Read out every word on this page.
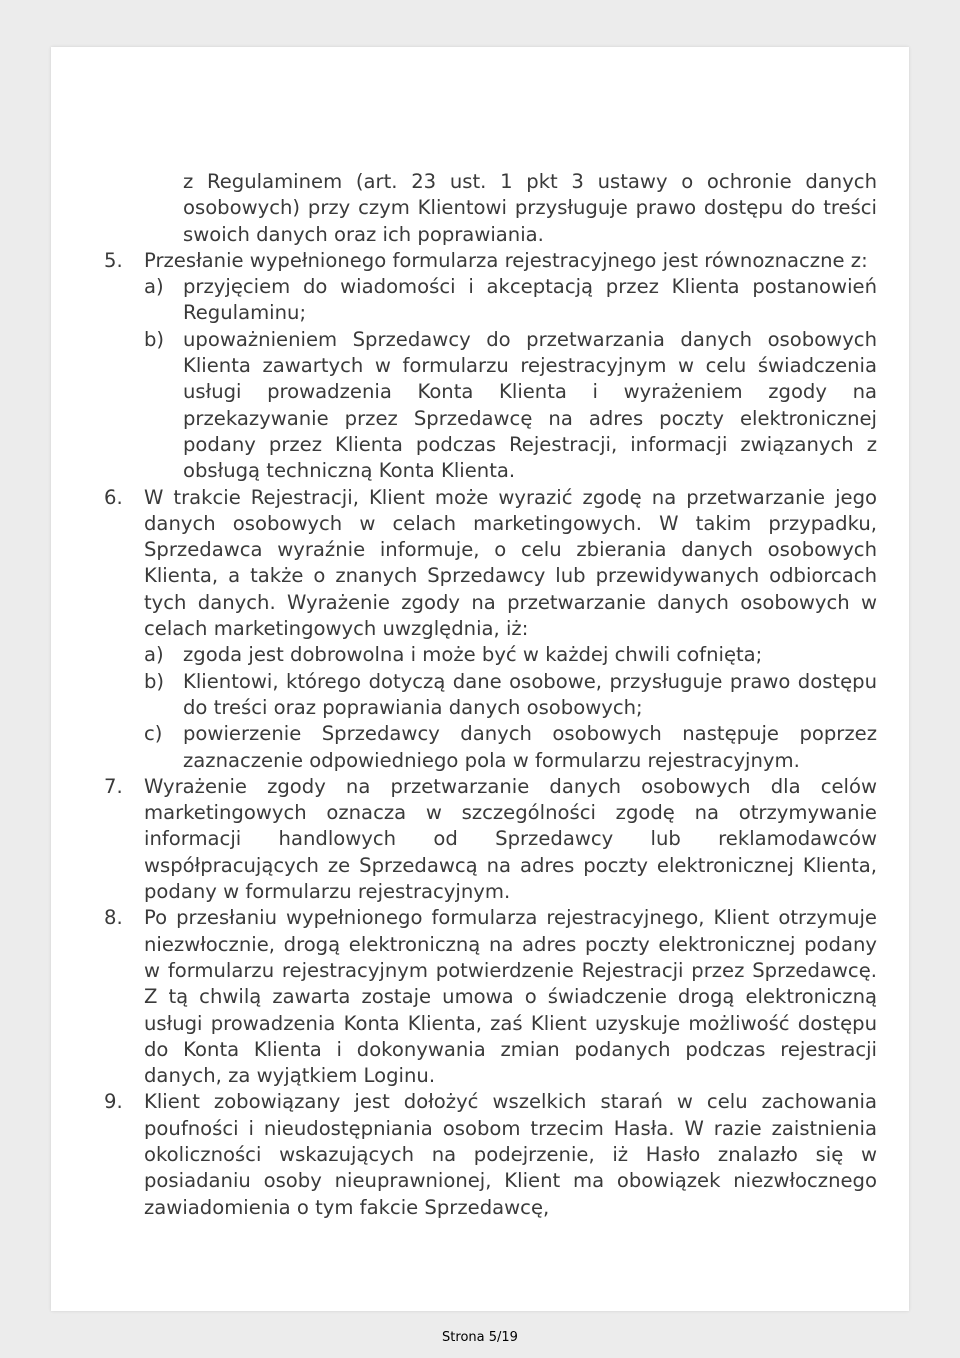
z Regulaminem (art. 23 ust. 1 pkt 3 ustawy o ochronie danych osobowych) przy czym Klientowi przysługuje prawo dostępu do treści swoich danych oraz ich poprawiania.
5.	Przesłanie wypełnionego formularza rejestracyjnego jest równoznaczne z:
a) przyjęciem do wiadomości i akceptacją przez Klienta postanowień Regulaminu;
b) upoważnieniem Sprzedawcy do przetwarzania danych osobowych Klienta zawartych w formularzu rejestracyjnym w celu świadczenia usługi prowadzenia Konta Klienta i wyrażeniem zgody na przekazywanie przez Sprzedawcę na adres poczty elektronicznej podany przez Klienta podczas Rejestracji, informacji związanych z obsługą techniczną Konta Klienta.
6.	W trakcie Rejestracji, Klient może wyrazić zgodę na przetwarzanie jego danych osobowych w celach marketingowych. W takim przypadku, Sprzedawca wyraźnie informuje, o celu zbierania danych osobowych Klienta, a także o znanych Sprzedawcy lub przewidywanych odbiorcach tych danych. Wyrażenie zgody na przetwarzanie danych osobowych w celach marketingowych uwzględnia, iż:
a) zgoda jest dobrowolna i może być w każdej chwili cofnięta;
b) Klientowi, którego dotyczą dane osobowe, przysługuje prawo dostępu do treści oraz poprawiania danych osobowych;
c)	powierzenie Sprzedawcy danych osobowych następuje poprzez zaznaczenie odpowiedniego pola w formularzu rejestracyjnym.
7.	Wyrażenie zgody na przetwarzanie danych osobowych dla celów marketingowych oznacza w szczególności zgodę na otrzymywanie informacji handlowych od Sprzedawcy lub reklamodawców współpracujących ze Sprzedawcą na adres poczty elektronicznej Klienta, podany w formularzu rejestracyjnym.
8.	Po przesłaniu wypełnionego formularza rejestracyjnego, Klient otrzymuje niezwłocznie, drogą elektroniczną na adres poczty elektronicznej podany w formularzu rejestracyjnym potwierdzenie Rejestracji przez Sprzedawcę. Z tą chwilą zawarta zostaje umowa o świadczenie drogą elektroniczną usługi prowadzenia Konta Klienta, zaś Klient uzyskuje możliwość dostępu do Konta Klienta i dokonywania zmian podanych podczas rejestracji danych, za wyjątkiem Loginu.
9.	Klient zobowiązany jest dołożyć wszelkich starań w celu zachowania poufności i nieudostępniania osobom trzecim Hasła. W razie zaistnienia okoliczności wskazujących na podejrzenie, iż Hasło znalazło się w posiadaniu osoby nieuprawnionej, Klient ma obowiązek niezwłocznego zawiadomienia o tym fakcie Sprzedawcę,
Strona 5/19
